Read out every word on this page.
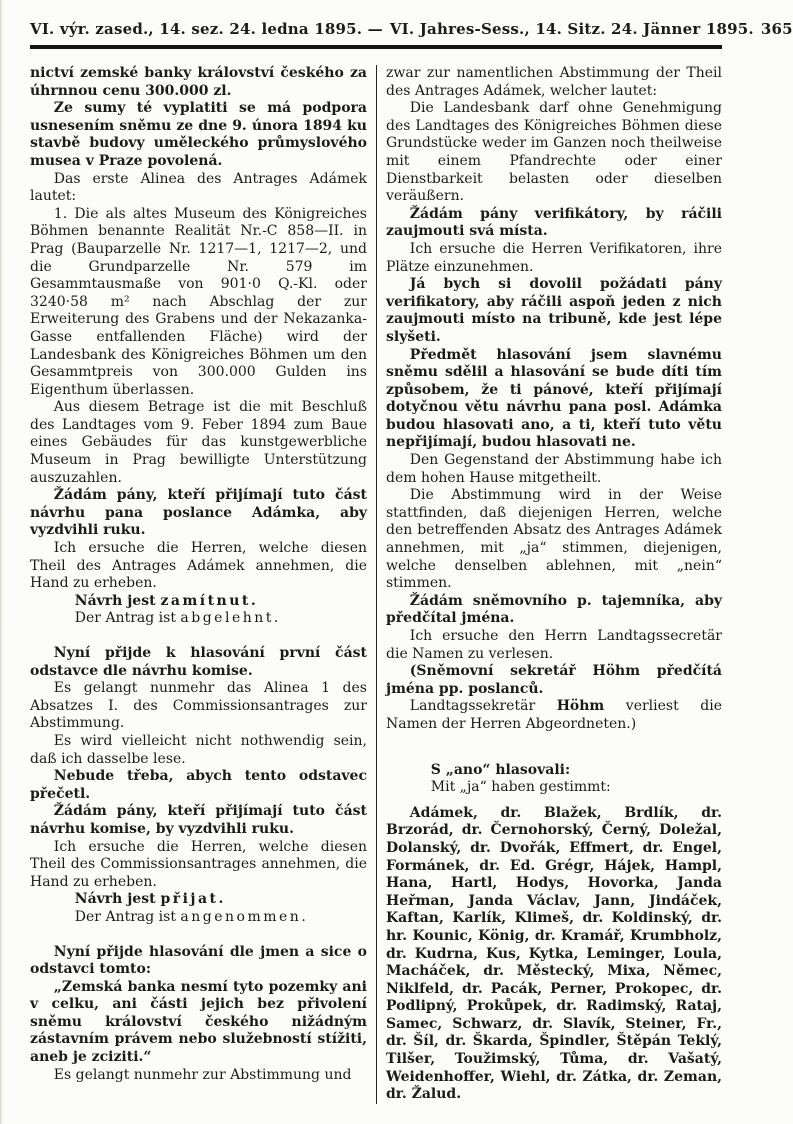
VI. výr. zased., 14. sez. 24. ledna 1895. — VI. Jahres-Sess., 14. Sitz. 24. Jänner 1895. 365

nictví zemské banky království českého za úhrnnou cenu 300.000 zl.

Ze sumy té vyplatiti se má podpora usnesením sněmu ze dne 9. února 1894 ku stavbě budovy uměleckého průmyslového musea v Praze povolená.

Das erste Alinea des Antrages Adámek lautet:

1. Die als altes Museum des Königreiches Böhmen benannte Realität Nr.-C 858—II. in Prag (Bauparzelle Nr. 1217—1, 1217—2, und die Grundparzelle Nr. 579 im Gesammtausmaße von 901·0 Q.-Kl. oder 3240·58 m² nach Abschlag der zur Erweiterung des Grabens und der Nekazanka-Gasse entfallenden Fläche) wird der Landesbank des Königreiches Böhmen um den Gesammtpreis von 300.000 Gulden ins Eigenthum überlassen.

Aus diesem Betrage ist die mit Beschluß des Landtages vom 9. Feber 1894 zum Baue eines Gebäudes für das kunstgewerbliche Museum in Prag bewilligte Unterstützung auszuzahlen.

Žádám pány, kteří přijímají tuto část návrhu pana poslance Adámka, aby vyzdvihli ruku.

Ich ersuche die Herren, welche diesen Theil des Antrages Adámek annehmen, die Hand zu erheben.

Návrh jest zamítnut.

Der Antrag ist abgelehnt.

Nyní přijde k hlasování první část odstavce dle návrhu komise.

Es gelangt nunmehr das Alinea 1 des Absatzes I. des Commissionsantrages zur Abstimmung.

Es wird vielleicht nicht nothwendig sein, daß ich dasselbe lese.

Nebude třeba, abych tento odstavec přečetl.

Žádám pány, kteří přijímají tuto část návrhu komise, by vyzdvihli ruku.

Ich ersuche die Herren, welche diesen Theil des Commissionsantrages annehmen, die Hand zu erheben.

Návrh jest přijat.

Der Antrag ist angenommen.

Nyní přijde hlasování dle jmen a sice o odstavci tomto:

„Zemská banka nesmí tyto pozemky ani v celku, ani části jejich bez přivolení sněmu království českého nižádným zástavním právem nebo služebností stížiti, aneb je zciziti.“

Es gelangt nunmehr zur Abstimmung und

zwar zur namentlichen Abstimmung der Theil des Antrages Adámek, welcher lautet:

Die Landesbank darf ohne Genehmigung des Landtages des Königreiches Böhmen diese Grundstücke weder im Ganzen noch theilweise mit einem Pfandrechte oder einer Dienstbarkeit belasten oder dieselben veräußern.

Žádám pány verifikátory, by ráčili zaujmouti svá místa.

Ich ersuche die Herren Verifikatoren, ihre Plätze einzunehmen.

Já bych si dovolil požádati pány verifikatory, aby ráčili aspoň jeden z nich zaujmouti místo na tribuně, kde jest lépe slyšeti.

Předmět hlasování jsem slavnému sněmu sdělil a hlasování se bude díti tím způsobem, že ti pánové, kteří přijímají dotyčnou větu návrhu pana posl. Adámka budou hlasovati ano, a ti, kteří tuto větu nepřijímají, budou hlasovati ne.

Den Gegenstand der Abstimmung habe ich dem hohen Hause mitgetheilt.

Die Abstimmung wird in der Weise stattfinden, daß diejenigen Herren, welche den betreffenden Absatz des Antrages Adámek annehmen, mit „ja“ stimmen, diejenigen, welche denselben ablehnen, mit „nein“ stimmen.

Žádám sněmovního p. tajemníka, aby předčítal jména.

Ich ersuche den Herrn Landtagssecretär die Namen zu verlesen.

(Sněmovní sekretář Höhm předčítá jména pp. poslanců.

Landtagssekretär Höhm verliest die Namen der Herren Abgeordneten.)

S „ano“ hlasovali:

Mit „ja“ haben gestimmt:

Adámek, dr. Blažek, Brdlík, dr. Brzorád, dr. Černohorský, Černý, Doležal, Dolanský, dr. Dvořák, Effmert, dr. Engel, Formánek, dr. Ed. Grégr, Hájek, Hampl, Hana, Hartl, Hodys, Hovorka, Janda Heřman, Janda Václav, Jann, Jindáček, Kaftan, Karlík, Klimeš, dr. Koldinský, dr. hr. Kounic, König, dr. Kramář, Krumbholz, dr. Kudrna, Kus, Kytka, Leminger, Loula, Macháček, dr. Městecký, Mixa, Němec, Niklfeld, dr. Pacák, Perner, Prokopec, dr. Podlipný, Prokůpek, dr. Radimský, Rataj, Samec, Schwarz, dr. Slavík, Steiner, Fr., dr. Šíl, dr. Škarda, Špindler, Štěpán Teklý, Tilšer, Toužimský, Tůma, dr. Vašatý, Weidenhoffer, Wiehl, dr. Zátka, dr. Zeman, dr. Žalud.
